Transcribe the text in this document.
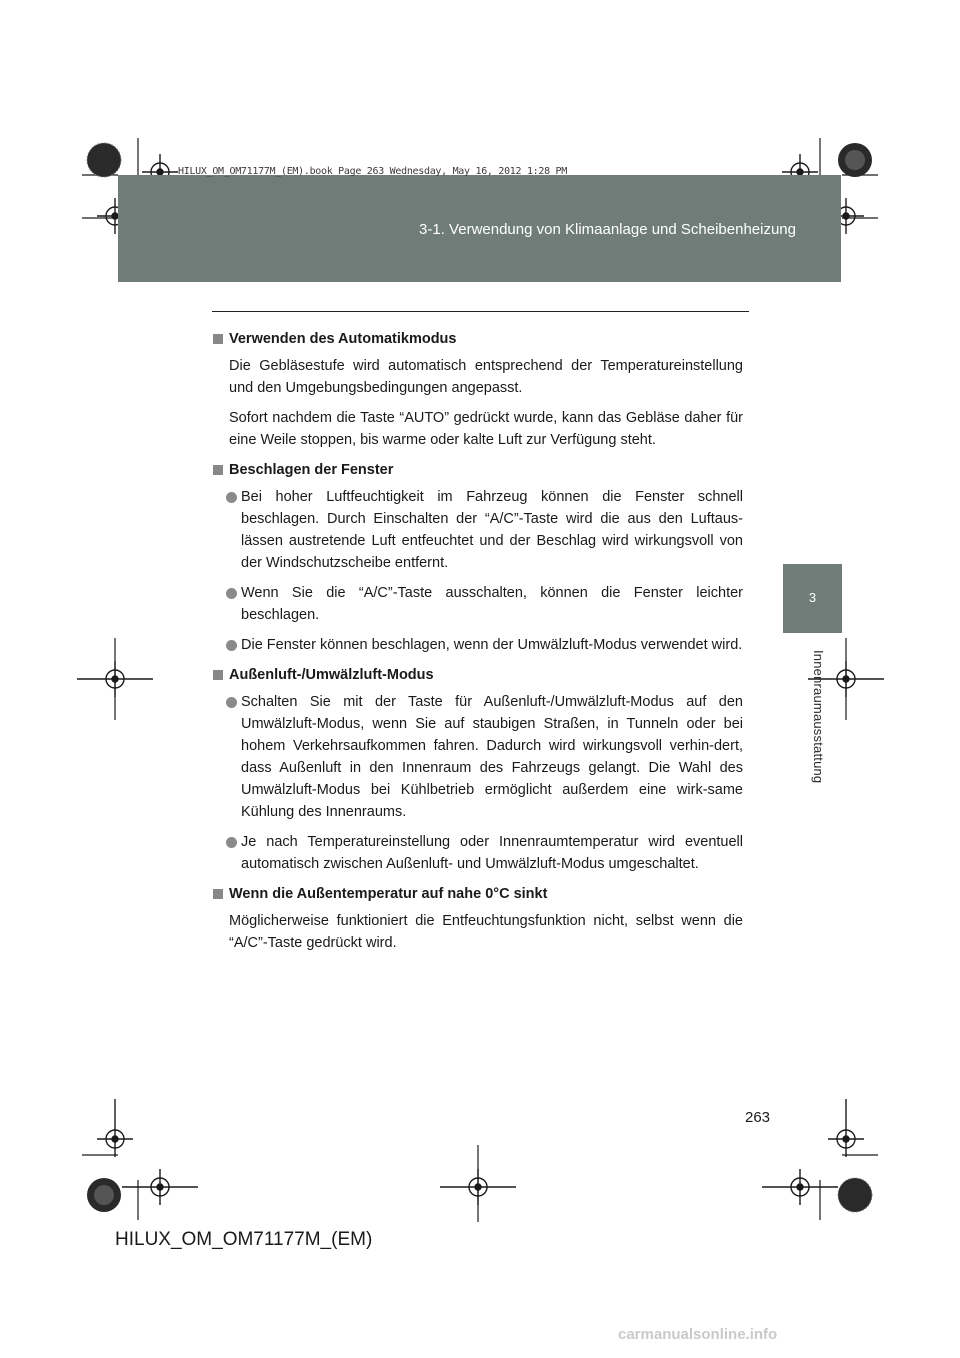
3-1. Verwendung von Klimaanlage und Scheibenheizung
HILUX_OM_OM71177M_(EM).book Page 263 Wednesday, May 16, 2012 1:28 PM
3
Innenraumausstattung
Verwenden des Automatikmodus
Die Gebläsestufe wird automatisch entsprechend der Temperatureinstellung und den Umgebungsbedingungen angepasst.
Sofort nachdem die Taste “AUTO” gedrückt wurde, kann das Gebläse daher für eine Weile stoppen, bis warme oder kalte Luft zur Verfügung steht.
Beschlagen der Fenster
Bei hoher Luftfeuchtigkeit im Fahrzeug können die Fenster schnell beschlagen. Durch Einschalten der “A/C”-Taste wird die aus den Luftaus-lässen austretende Luft entfeuchtet und der Beschlag wird wirkungsvoll von der Windschutzscheibe entfernt.
Wenn Sie die “A/C”-Taste ausschalten, können die Fenster leichter beschlagen.
Die Fenster können beschlagen, wenn der Umwälzluft-Modus verwendet wird.
Außenluft-/Umwälzluft-Modus
Schalten Sie mit der Taste für Außenluft-/Umwälzluft-Modus auf den Umwälzluft-Modus, wenn Sie auf staubigen Straßen, in Tunneln oder bei hohem Verkehrsaufkommen fahren. Dadurch wird wirkungsvoll verhin-dert, dass Außenluft in den Innenraum des Fahrzeugs gelangt. Die Wahl des Umwälzluft-Modus bei Kühlbetrieb ermöglicht außerdem eine wirk-same Kühlung des Innenraums.
Je nach Temperatureinstellung oder Innenraumtemperatur wird eventuell automatisch zwischen Außenluft- und Umwälzluft-Modus umgeschaltet.
Wenn die Außentemperatur auf nahe 0°C sinkt
Möglicherweise funktioniert die Entfeuchtungsfunktion nicht, selbst wenn die “A/C”-Taste gedrückt wird.
263
HILUX_OM_OM71177M_(EM)
carmanualsonline.info
